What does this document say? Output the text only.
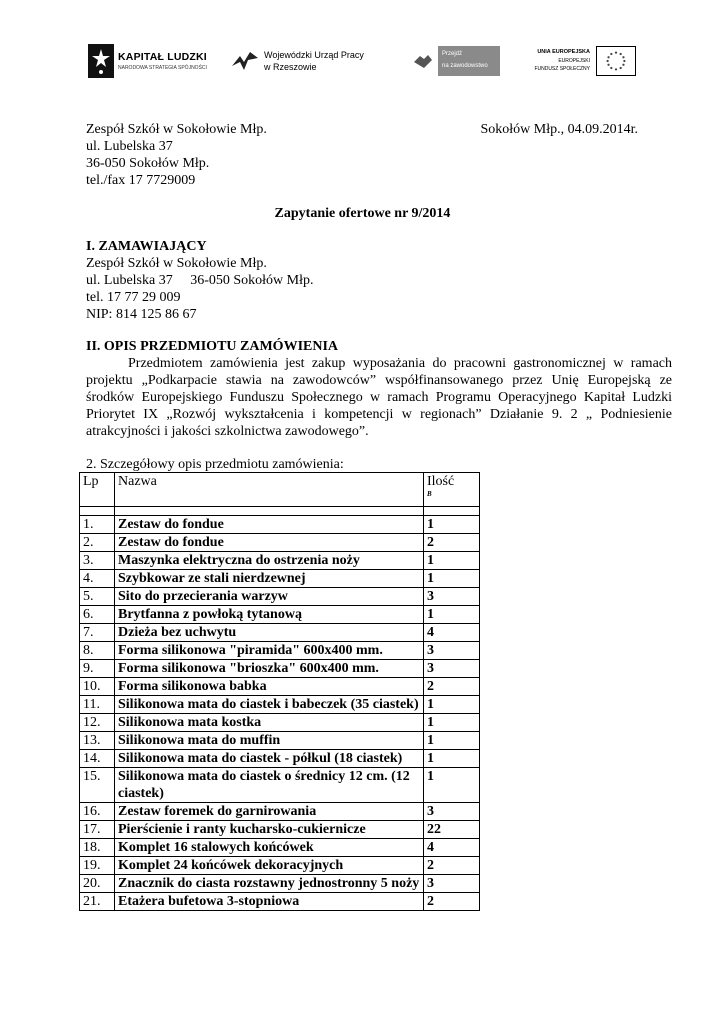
KAPITAŁ LUDZKI
NARODOWA STRATEGIA SPÓJNOŚCI
Wojewódzki Urząd Pracy
w Rzeszowie
Przejdź
na zawodowstwo
UNIA EUROPEJSKA
EUROPEJSKI
FUNDUSZ SPOŁECZNY
Zespół Szkół w Sokołowie Młp.
ul. Lubelska 37
36-050 Sokołów Młp.
tel./fax 17 7729009
Sokołów Młp., 04.09.2014r.
Zapytanie ofertowe nr 9/2014
I. ZAMAWIAJĄCY
Zespół Szkół w Sokołowie Młp.
ul. Lubelska 37     36-050 Sokołów Młp.
tel. 17 77 29 009
NIP: 814 125 86 67
II. OPIS PRZEDMIOTU ZAMÓWIENIA
Przedmiotem zamówienia jest zakup wyposażania do pracowni gastronomicznej w ramach projektu „Podkarpacie stawia na zawodowców” współfinansowanego przez Unię Europejską ze środków Europejskiego Funduszu Społecznego w ramach Programu Operacyjnego Kapitał Ludzki Priorytet IX „Rozwój wykształcenia i kompetencji w regionach” Działanie 9. 2 „ Podniesienie atrakcyjności i jakości szkolnictwa zawodowego”.
2. Szczegółowy opis przedmiotu zamówienia:
Lp	Nazwa	Ilość
B

1.	Zestaw do fondue	1
2.	Zestaw do fondue	2
3.	Maszynka elektryczna do ostrzenia noży	1
4.	Szybkowar ze stali nierdzewnej	1
5.	Sito do przecierania warzyw	3
6.	Brytfanna z powłoką tytanową	1
7.	Dzieża bez uchwytu	4
8.	Forma silikonowa "piramida" 600x400 mm.	3
9.	Forma silikonowa "brioszka" 600x400 mm.	3
10.	Forma silikonowa babka	2
11.	Silikonowa mata do ciastek i babeczek (35 ciastek)	1
12.	Silikonowa mata kostka	1
13.	Silikonowa mata do muffin	1
14.	Silikonowa mata do ciastek - półkul (18 ciastek)	1
15.	Silikonowa mata do ciastek o średnicy 12 cm. (12 ciastek)	1
16.	Zestaw foremek do garnirowania	3
17.	Pierścienie i ranty kucharsko-cukiernicze	22
18.	Komplet 16 stalowych końcówek	4
19.	Komplet 24 końcówek dekoracyjnych	2
20.	Znacznik do ciasta rozstawny jednostronny 5 noży	3
21.	Etażera bufetowa 3-stopniowa	2
